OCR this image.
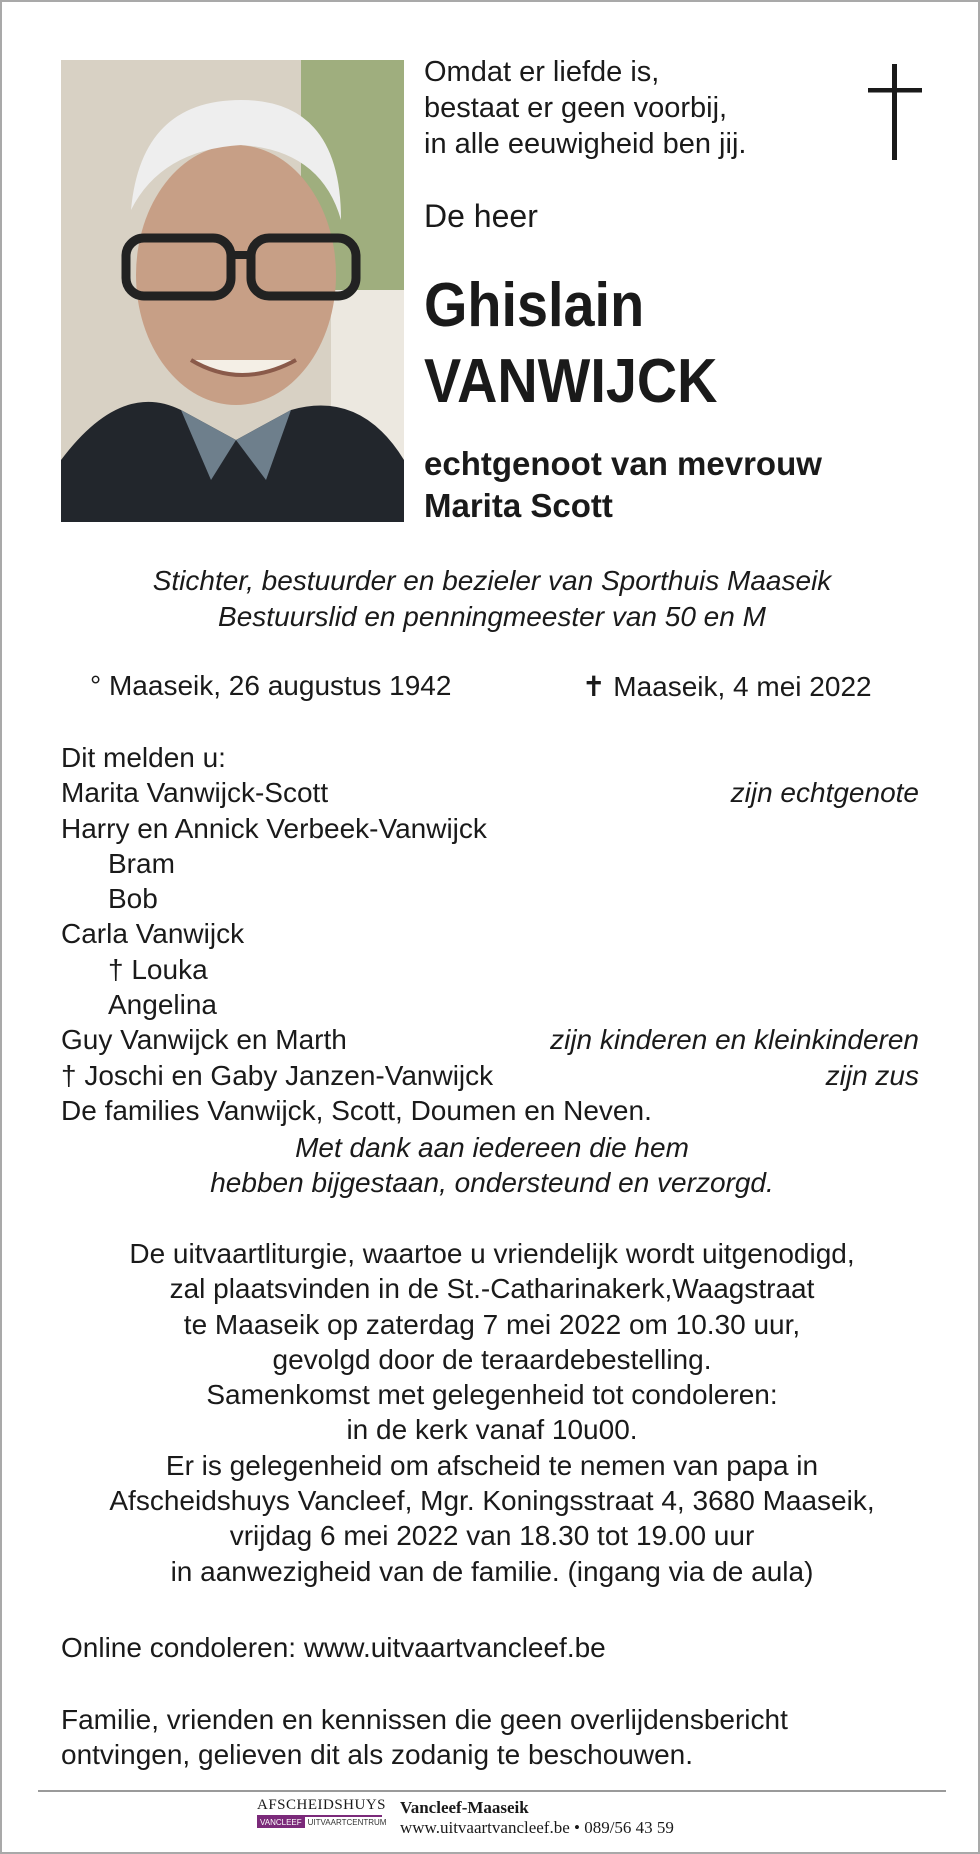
Omdat er liefde is,
bestaat er geen voorbij,
in alle eeuwigheid ben jij.
De heer
Ghislain
VANWIJCK
echtgenoot van mevrouw
Marita Scott
Stichter, bestuurder en bezieler van Sporthuis Maaseik
Bestuurslid en penningmeester van 50 en M
° Maaseik, 26 augustus 1942	✝ Maaseik, 4 mei 2022
Dit melden u:
Marita Vanwijck-Scott	zijn echtgenote
Harry en Annick Verbeek-Vanwijck
Bram
Bob
Carla Vanwijck
† Louka
Angelina
Guy Vanwijck en Marth	zijn kinderen en kleinkinderen
† Joschi en Gaby Janzen-Vanwijck	zijn zus
De families Vanwijck, Scott, Doumen en Neven.
Met dank aan iedereen die hem
hebben bijgestaan, ondersteund en verzorgd.
De uitvaartliturgie, waartoe u vriendelijk wordt uitgenodigd,
zal plaatsvinden in de St.-Catharinakerk,Waagstraat
te Maaseik op zaterdag 7 mei 2022 om 10.30 uur,
gevolgd door de teraardebestelling.
Samenkomst met gelegenheid tot condoleren:
in de kerk vanaf 10u00.
Er is gelegenheid om afscheid te nemen van papa in
Afscheidshuys Vancleef, Mgr. Koningsstraat 4, 3680 Maaseik,
vrijdag 6 mei 2022 van 18.30 tot 19.00 uur
in aanwezigheid van de familie. (ingang via de aula)
Online condoleren: www.uitvaartvancleef.be
Familie, vrienden en kennissen die geen overlijdensbericht
ontvingen, gelieven dit als zodanig te beschouwen.
AFSCHEIDSHUYS
VANCLEEF UITVAARTCENTRUM
Vancleef-Maaseik
www.uitvaartvancleef.be • 089/56 43 59
